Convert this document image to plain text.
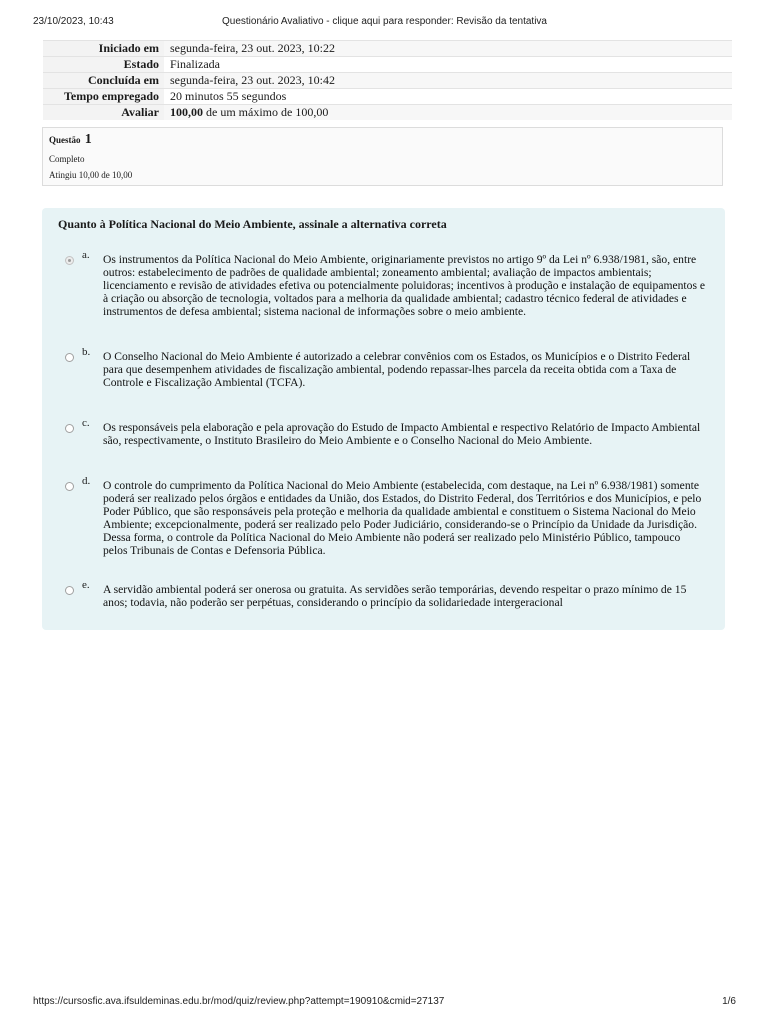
23/10/2023, 10:43	Questionário Avaliativo - clique aqui para responder: Revisão da tentativa
Iniciado em	segunda-feira, 23 out. 2023, 10:22
Estado	Finalizada
Concluída em	segunda-feira, 23 out. 2023, 10:42
Tempo empregado	20 minutos 55 segundos
Avaliar	100,00 de um máximo de 100,00
Questão 1
Completo
Atingiu 10,00 de 10,00
Quanto à Política Nacional do Meio Ambiente, assinale a alternativa correta
a. Os instrumentos da Política Nacional do Meio Ambiente, originariamente previstos no artigo 9º da Lei nº 6.938/1981, são, entre outros: estabelecimento de padrões de qualidade ambiental; zoneamento ambiental; avaliação de impactos ambientais; licenciamento e revisão de atividades efetiva ou potencialmente poluidoras; incentivos à produção e instalação de equipamentos e à criação ou absorção de tecnologia, voltados para a melhoria da qualidade ambiental; cadastro técnico federal de atividades e instrumentos de defesa ambiental; sistema nacional de informações sobre o meio ambiente.
b. O Conselho Nacional do Meio Ambiente é autorizado a celebrar convênios com os Estados, os Municípios e o Distrito Federal para que desempenhem atividades de fiscalização ambiental, podendo repassar-lhes parcela da receita obtida com a Taxa de Controle e Fiscalização Ambiental (TCFA).
c. Os responsáveis pela elaboração e pela aprovação do Estudo de Impacto Ambiental e respectivo Relatório de Impacto Ambiental são, respectivamente, o Instituto Brasileiro do Meio Ambiente e o Conselho Nacional do Meio Ambiente.
d. O controle do cumprimento da Política Nacional do Meio Ambiente (estabelecida, com destaque, na Lei nº 6.938/1981) somente poderá ser realizado pelos órgãos e entidades da União, dos Estados, do Distrito Federal, dos Territórios e dos Municípios, e pelo Poder Público, que são responsáveis pela proteção e melhoria da qualidade ambiental e constituem o Sistema Nacional do Meio Ambiente; excepcionalmente, poderá ser realizado pelo Poder Judiciário, considerando-se o Princípio da Unidade da Jurisdição. Dessa forma, o controle da Política Nacional do Meio Ambiente não poderá ser realizado pelo Ministério Público, tampouco pelos Tribunais de Contas e Defensoria Pública.
e. A servidão ambiental poderá ser onerosa ou gratuita. As servidões serão temporárias, devendo respeitar o prazo mínimo de 15 anos; todavia, não poderão ser perpétuas, considerando o princípio da solidariedade intergeracional
https://cursosfic.ava.ifsuldeminas.edu.br/mod/quiz/review.php?attempt=190910&cmid=27137	1/6
